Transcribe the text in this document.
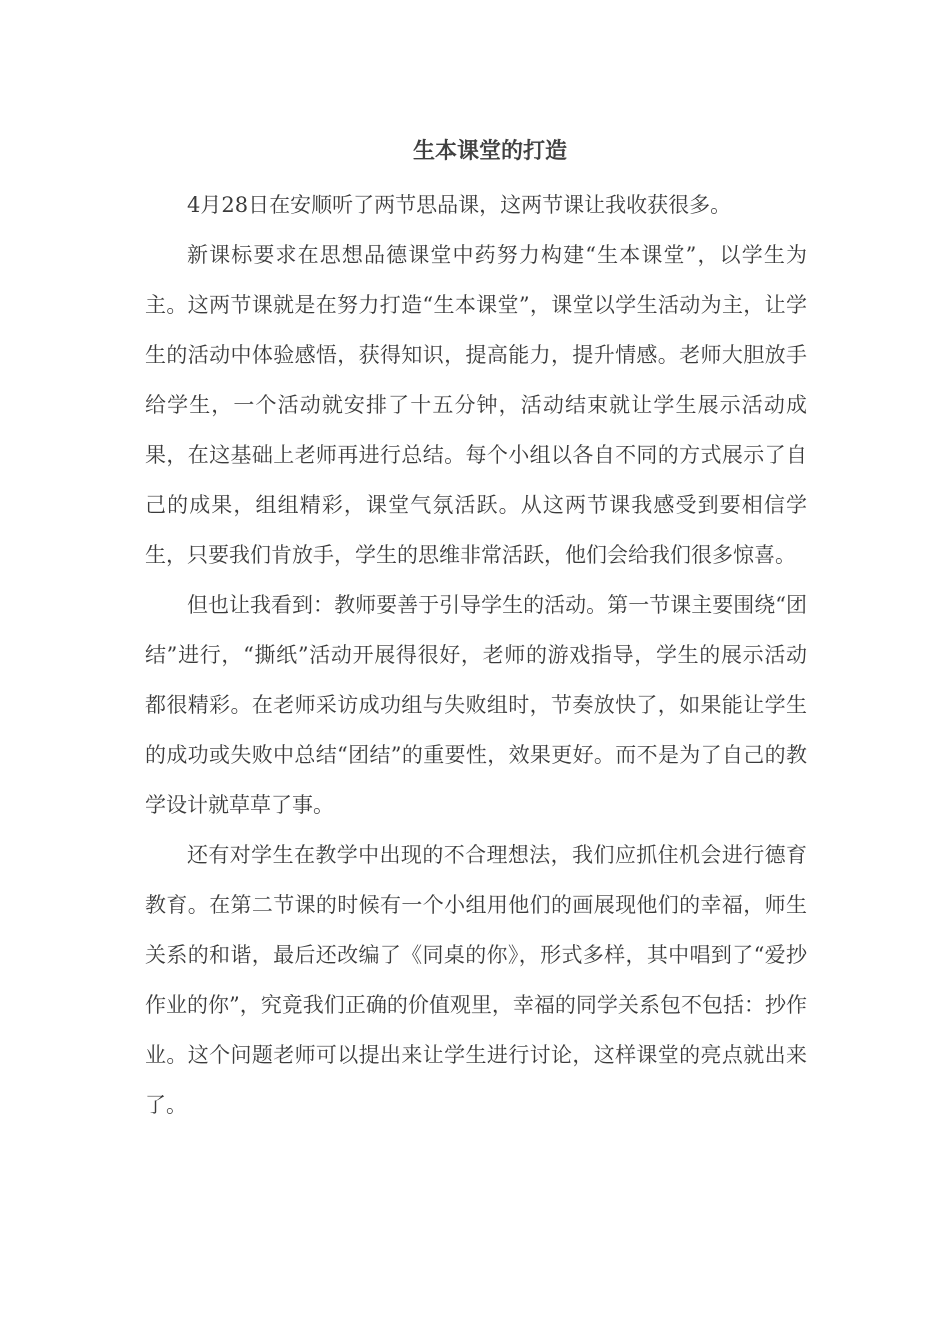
生本课堂的打造

4月28日在安顺听了两节思品课，这两节课让我收获很多。

新课标要求在思想品德课堂中药努力构建“生本课堂”，以学生为主。这两节课就是在努力打造“生本课堂”，课堂以学生活动为主，让学生的活动中体验感悟，获得知识，提高能力，提升情感。老师大胆放手给学生，一个活动就安排了十五分钟，活动结束就让学生展示活动成果，在这基础上老师再进行总结。每个小组以各自不同的方式展示了自己的成果，组组精彩，课堂气氛活跃。从这两节课我感受到要相信学生，只要我们肯放手，学生的思维非常活跃，他们会给我们很多惊喜。

但也让我看到：教师要善于引导学生的活动。第一节课主要围绕“团结”进行，“撕纸”活动开展得很好，老师的游戏指导，学生的展示活动都很精彩。在老师采访成功组与失败组时，节奏放快了，如果能让学生的成功或失败中总结“团结”的重要性，效果更好。而不是为了自己的教学设计就草草了事。

还有对学生在教学中出现的不合理想法，我们应抓住机会进行德育教育。在第二节课的时候有一个小组用他们的画展现他们的幸福，师生关系的和谐，最后还改编了《同桌的你》，形式多样，其中唱到了“爱抄作业的你”，究竟我们正确的价值观里，幸福的同学关系包不包括：抄作业。这个问题老师可以提出来让学生进行讨论，这样课堂的亮点就出来了。
